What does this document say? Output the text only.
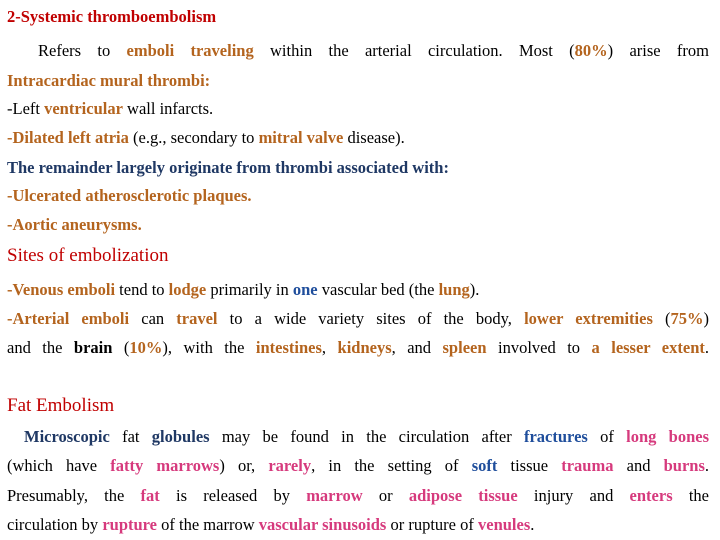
2-Systemic thromboembolism
Refers to emboli traveling within the arterial circulation. Most (80%) arise from
Intracardiac mural thrombi:
-Left ventricular wall infarcts.
-Dilated left atria (e.g., secondary to mitral valve disease).
The remainder largely originate from thrombi associated with:
-Ulcerated atherosclerotic plaques.
-Aortic aneurysms.
Sites of embolization
-Venous emboli tend to lodge primarily in one vascular bed (the lung).
-Arterial emboli can travel to a wide variety sites of the body, lower extremities (75%)
and the brain (10%), with the intestines, kidneys, and spleen involved to a lesser extent.
Fat Embolism
Microscopic fat globules may be found in the circulation after fractures of long bones
(which have fatty marrows) or, rarely, in the setting of soft tissue trauma and burns.
Presumably, the fat is released by marrow or adipose tissue injury and enters the
circulation by rupture of the marrow vascular sinusoids or rupture of venules.
